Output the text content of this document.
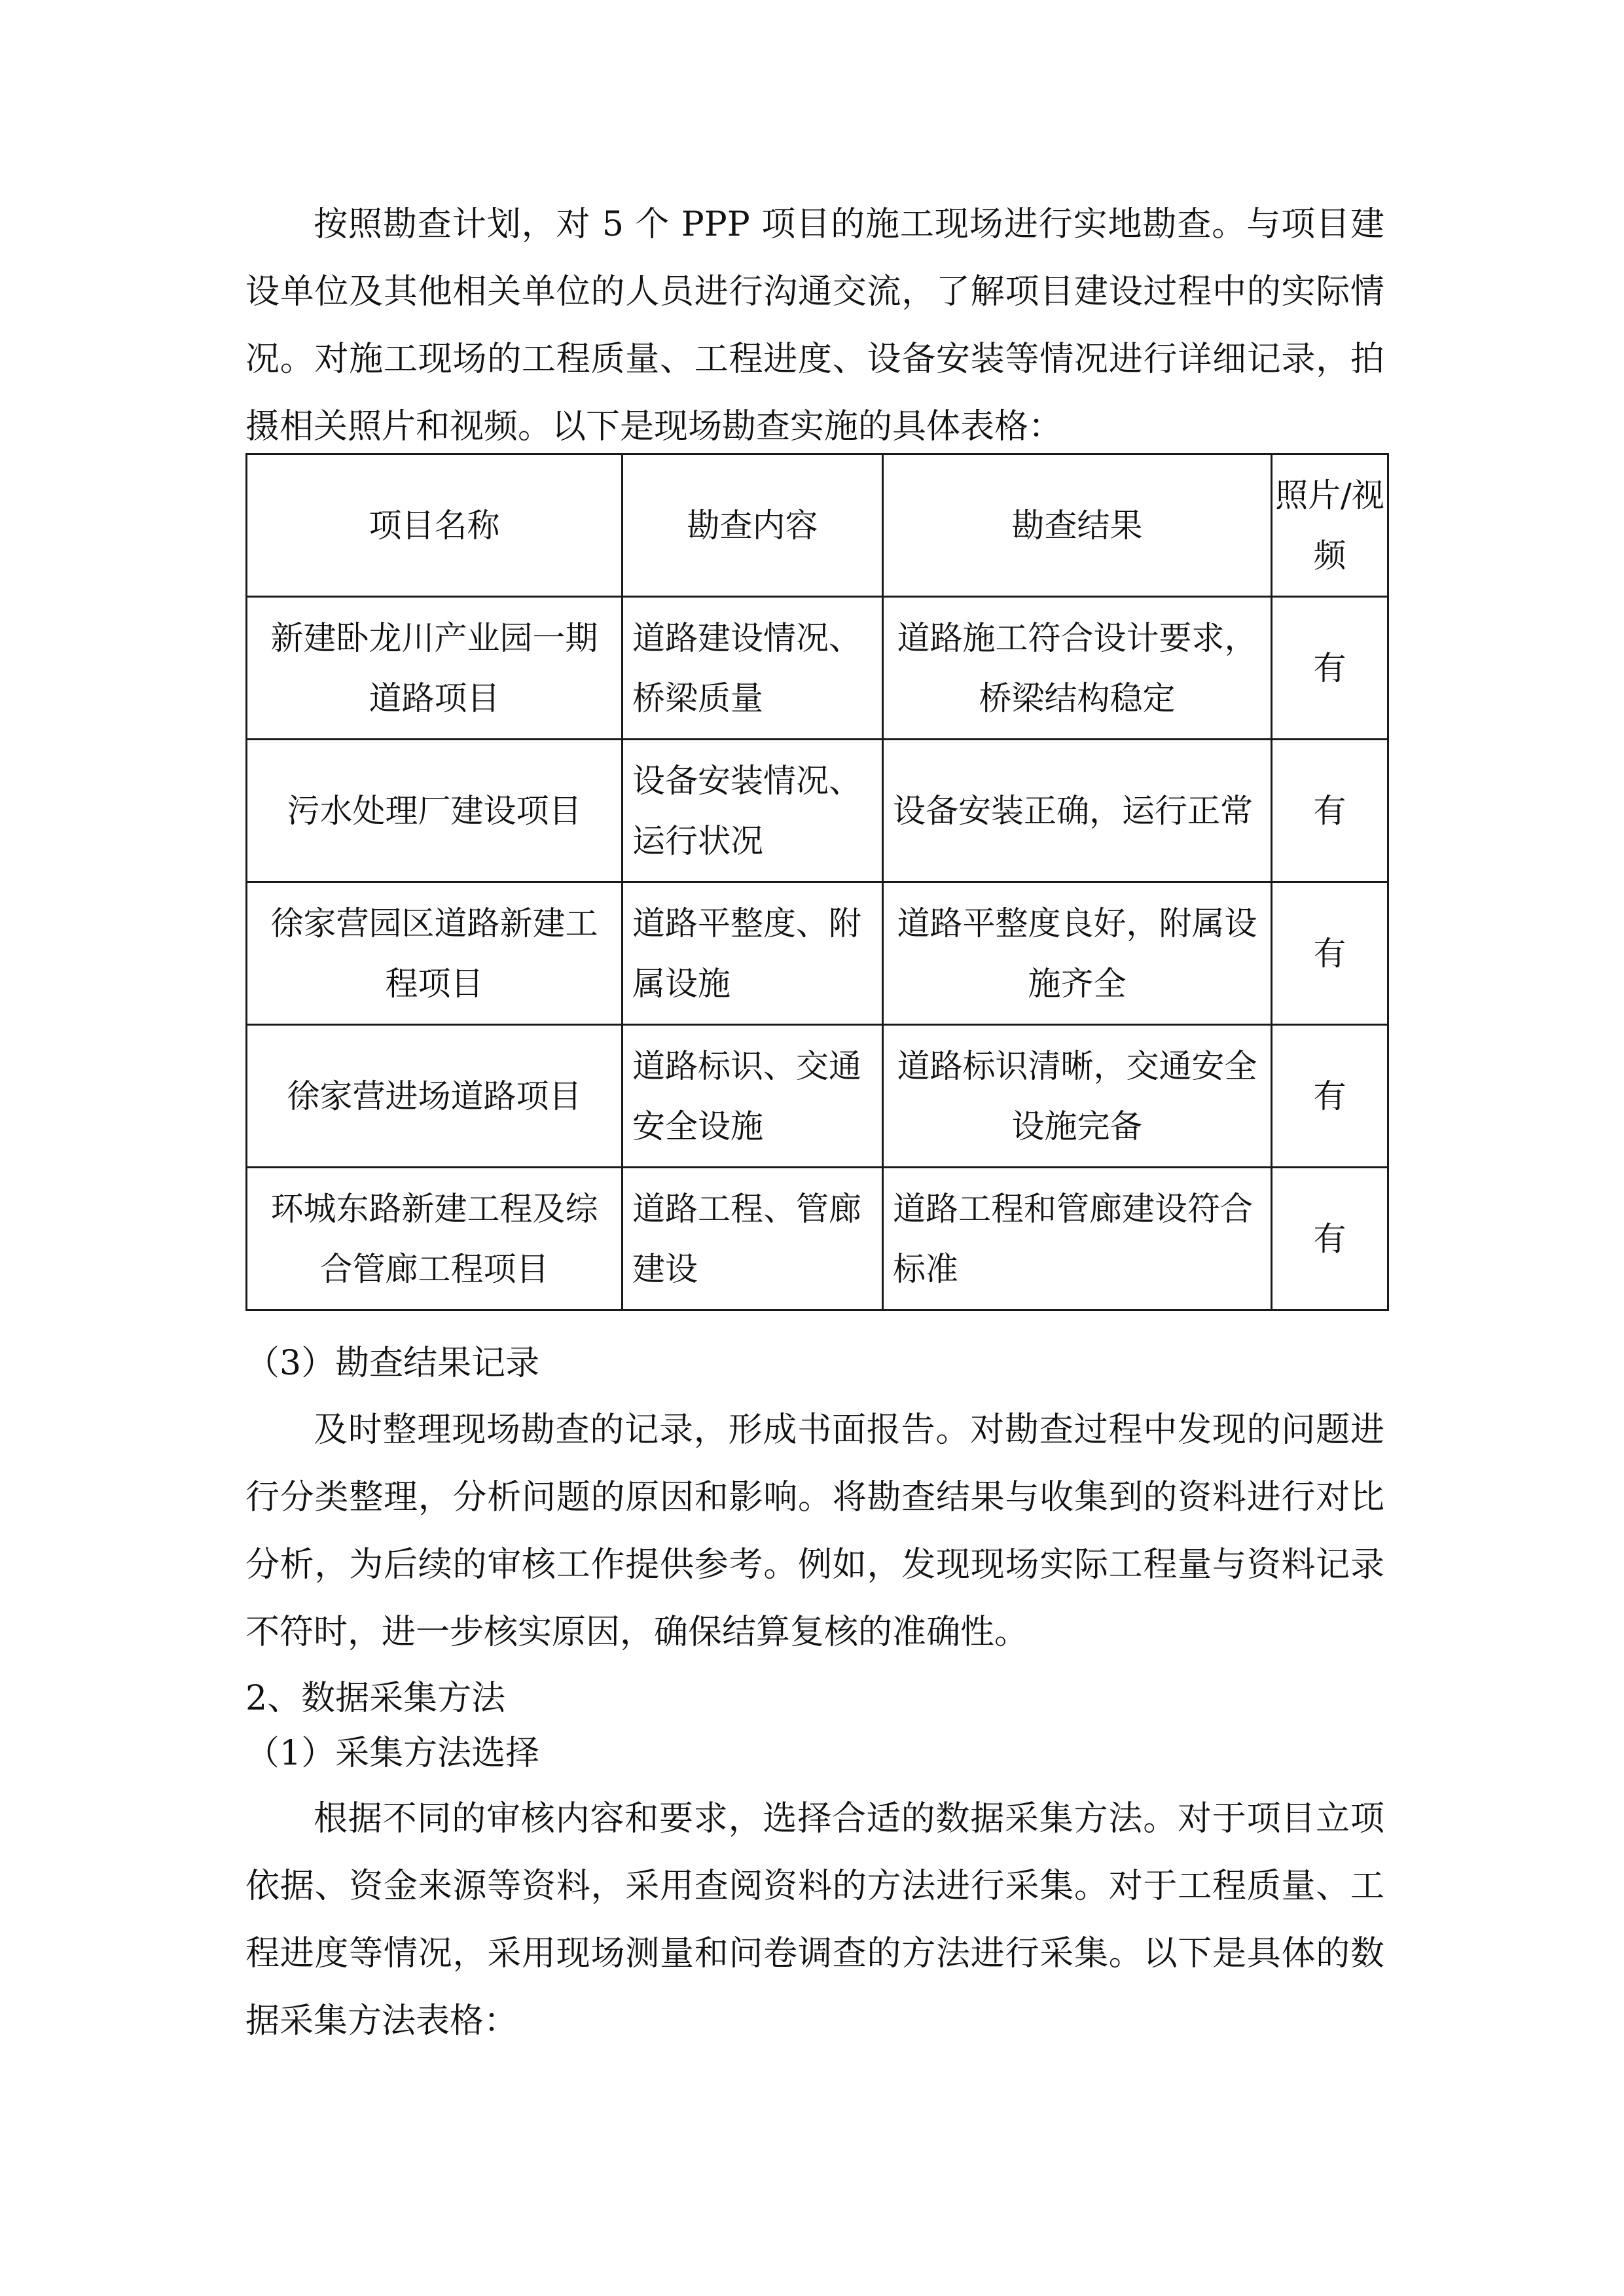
按照勘查计划，对 5 个 PPP 项目的施工现场进行实地勘查。与项目建设单位及其他相关单位的人员进行沟通交流，了解项目建设过程中的实际情况。对施工现场的工程质量、工程进度、设备安装等情况进行详细记录，拍摄相关照片和视频。以下是现场勘查实施的具体表格：

项目名称	勘查内容	勘查结果	照片/视频
新建卧龙川产业园一期道路项目	道路建设情况、桥梁质量	道路施工符合设计要求，桥梁结构稳定	有
污水处理厂建设项目	设备安装情况、运行状况	设备安装正确，运行正常	有
徐家营园区道路新建工程项目	道路平整度、附属设施	道路平整度良好，附属设施齐全	有
徐家营进场道路项目	道路标识、交通安全设施	道路标识清晰，交通安全设施完备	有
环城东路新建工程及综合管廊工程项目	道路工程、管廊建设	道路工程和管廊建设符合标准	有
（3）勘查结果记录

及时整理现场勘查的记录，形成书面报告。对勘查过程中发现的问题进行分类整理，分析问题的原因和影响。将勘查结果与收集到的资料进行对比分析，为后续的审核工作提供参考。例如，发现现场实际工程量与资料记录不符时，进一步核实原因，确保结算复核的准确性。

2、数据采集方法
（1）采集方法选择

根据不同的审核内容和要求，选择合适的数据采集方法。对于项目立项依据、资金来源等资料，采用查阅资料的方法进行采集。对于工程质量、工程进度等情况，采用现场测量和问卷调查的方法进行采集。以下是具体的数据采集方法表格：
